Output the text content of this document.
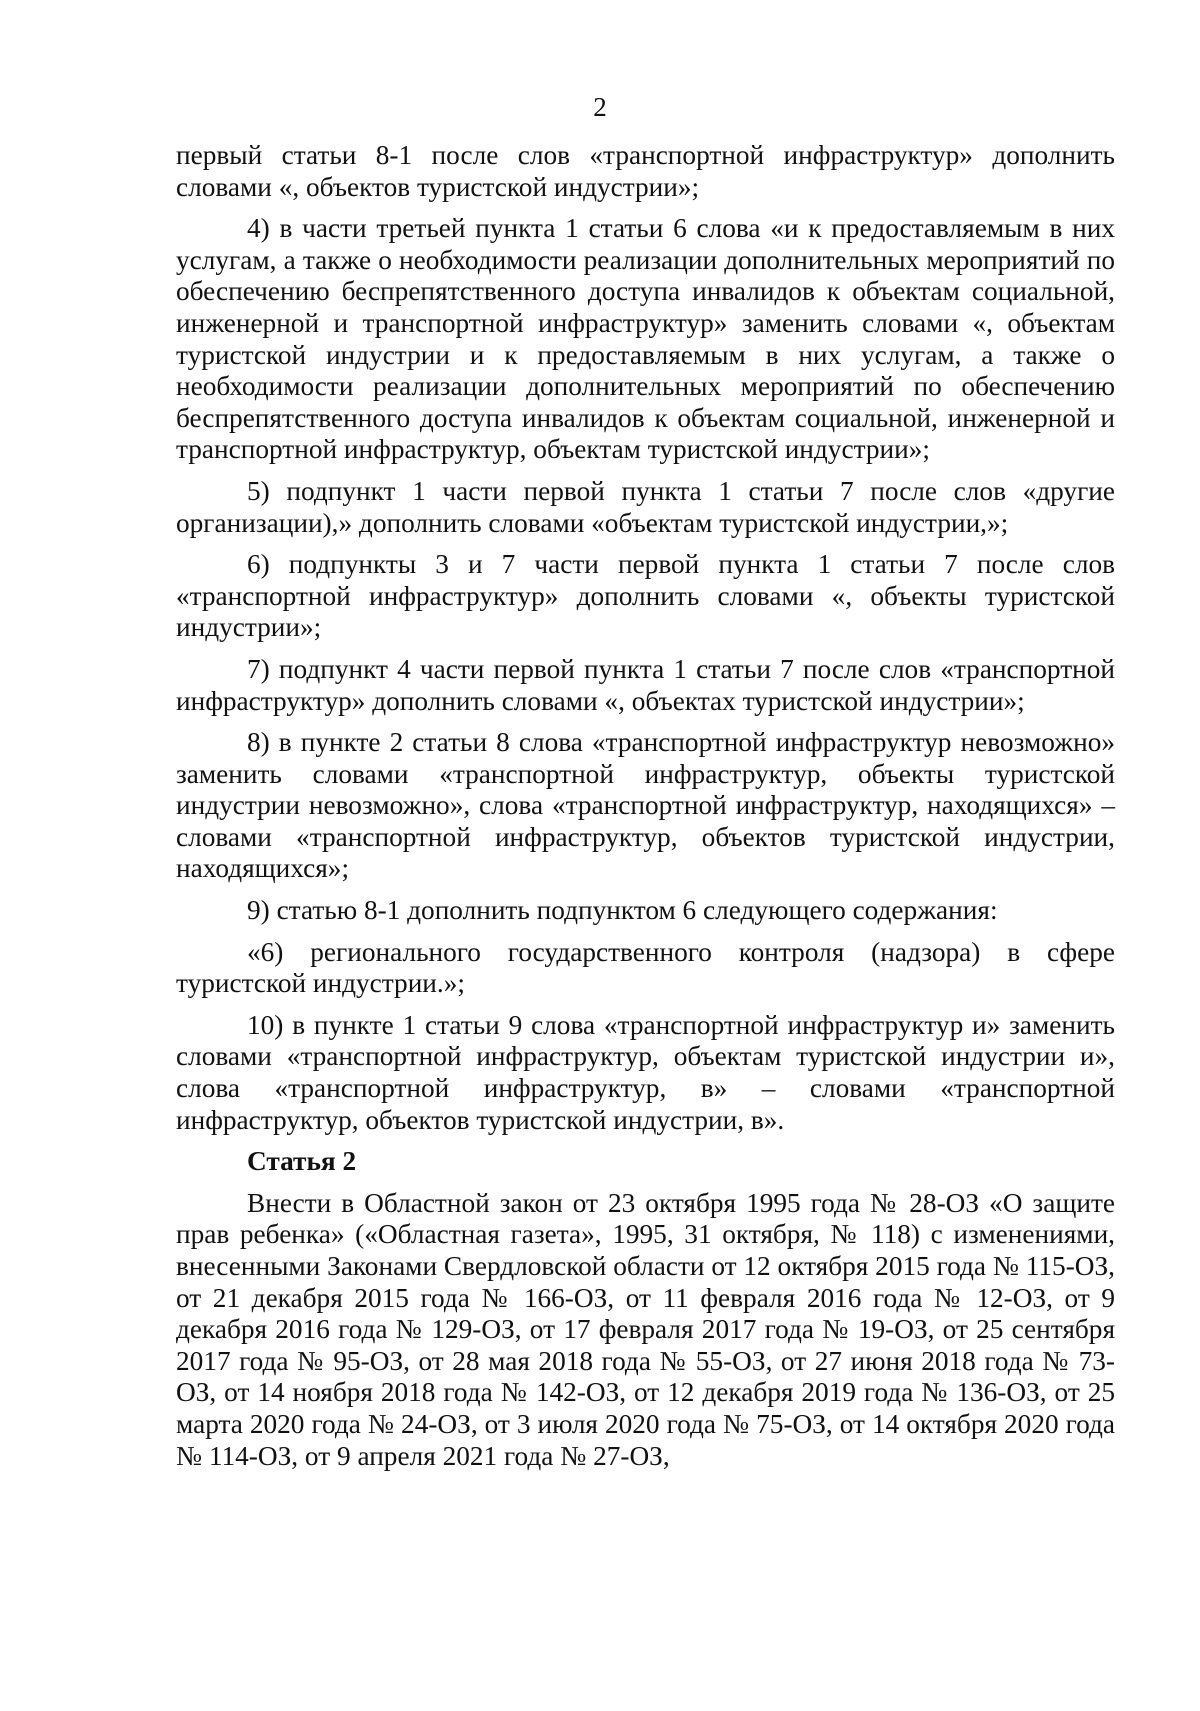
2

первый статьи 8-1 после слов «транспортной инфраструктур» дополнить словами «, объектов туристской индустрии»;

4) в части третьей пункта 1 статьи 6 слова «и к предоставляемым в них услугам, а также о необходимости реализации дополнительных мероприятий по обеспечению беспрепятственного доступа инвалидов к объектам социальной, инженерной и транспортной инфраструктур» заменить словами «, объектам туристской индустрии и к предоставляемым в них услугам, а также о необходимости реализации дополнительных мероприятий по обеспечению беспрепятственного доступа инвалидов к объектам социальной, инженерной и транспортной инфраструктур, объектам туристской индустрии»;

5) подпункт 1 части первой пункта 1 статьи 7 после слов «другие организации),» дополнить словами «объектам туристской индустрии,»;

6) подпункты 3 и 7 части первой пункта 1 статьи 7 после слов «транспортной инфраструктур» дополнить словами «, объекты туристской индустрии»;

7) подпункт 4 части первой пункта 1 статьи 7 после слов «транспортной инфраструктур» дополнить словами «, объектах туристской индустрии»;

8) в пункте 2 статьи 8 слова «транспортной инфраструктур невозможно» заменить словами «транспортной инфраструктур, объекты туристской индустрии невозможно», слова «транспортной инфраструктур, находящихся» – словами «транспортной инфраструктур, объектов туристской индустрии, находящихся»;

9) статью 8-1 дополнить подпунктом 6 следующего содержания:

«6) регионального государственного контроля (надзора) в сфере туристской индустрии.»;

10) в пункте 1 статьи 9 слова «транспортной инфраструктур и» заменить словами «транспортной инфраструктур, объектам туристской индустрии и», слова «транспортной инфраструктур, в» – словами «транспортной инфраструктур, объектов туристской индустрии, в».

Статья 2

Внести в Областной закон от 23 октября 1995 года № 28-ОЗ «О защите прав ребенка» («Областная газета», 1995, 31 октября, № 118) с изменениями, внесенными Законами Свердловской области от 12 октября 2015 года № 115-ОЗ, от 21 декабря 2015 года № 166-ОЗ, от 11 февраля 2016 года № 12-ОЗ, от 9 декабря 2016 года № 129-ОЗ, от 17 февраля 2017 года № 19-ОЗ, от 25 сентября 2017 года № 95-ОЗ, от 28 мая 2018 года № 55-ОЗ, от 27 июня 2018 года № 73-ОЗ, от 14 ноября 2018 года № 142-ОЗ, от 12 декабря 2019 года № 136-ОЗ, от 25 марта 2020 года № 24-ОЗ, от 3 июля 2020 года № 75-ОЗ, от 14 октября 2020 года № 114-ОЗ, от 9 апреля 2021 года № 27-ОЗ,
